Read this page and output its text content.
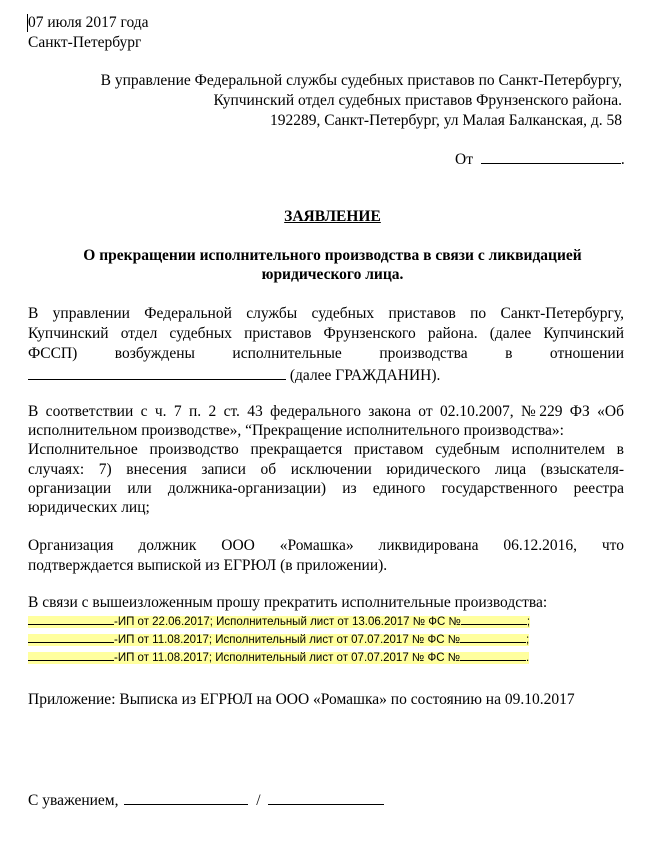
07 июля 2017 года
Санкт-Петербург
В управление Федеральной службы судебных приставов по Санкт-Петербургу,
Купчинский отдел судебных приставов Фрунзенского района.
192289, Санкт-Петербург, ул Малая Балканская, д. 58
От	.
ЗАЯВЛЕНИЕ
О прекращении исполнительного производства в связи с ликвидацией
юридического лица.
В управлении Федеральной службы судебных приставов по Санкт-Петербургу,
Купчинский отдел судебных приставов Фрунзенского района. (далее Купчинский
ФССП) возбуждены исполнительные производства в отношении
(далее ГРАЖДАНИН).
В соответствии с ч. 7 п. 2 ст. 43 федерального закона от 02.10.2007, №229 ФЗ «Об
исполнительном производстве», “Прекращение исполнительного производства»:
Исполнительное производство прекращается приставом судебным исполнителем в
случаях: 7) внесения записи об исключении юридического лица (взыскателя-
организации или должника-организации) из единого государственного реестра
юридических лиц;
Организация должник ООО «Ромашка» ликвидирована 06.12.2016, что
подтверждается выпиской из ЕГРЮЛ (в приложении).
В связи с вышеизложенным прошу прекратить исполнительные производства:
-ИП от 22.06.2017; Исполнительный лист от 13.06.2017 № ФС №	;
-ИП от 11.08.2017; Исполнительный лист от 07.07.2017 № ФС №	;
-ИП от 11.08.2017; Исполнительный лист от 07.07.2017 № ФС №	.
Приложение: Выписка из ЕГРЮЛ на ООО «Ромашка» по состоянию на 09.10.2017
С уважением,	/
